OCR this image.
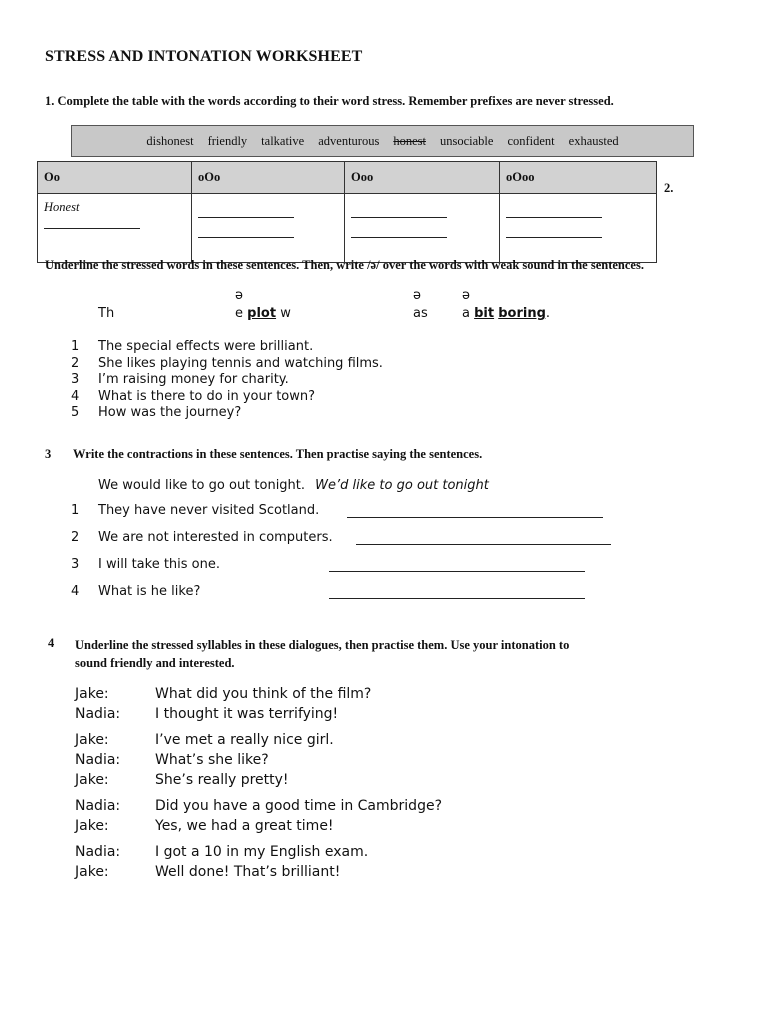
STRESS AND INTONATION WORKSHEET
1. Complete the table with the words according to their word stress. Remember prefixes are never stressed.
dishonest friendly talkative adventurous honest unsociable confident exhausted
Oo	oOo	Ooo	oOoo

Honest			

2.
Underline the stressed words in these sentences. Then, write /ə/ over the words with weak sound in the sentences.
ə	ə	ə
Th	e plot w	as	a bit boring.
1 The special effects were brilliant.
2 She likes playing tennis and watching films.
3 I’m raising money for charity.
4 What is there to do in your town?
5 How was the journey?
3 Write the contractions in these sentences. Then practise saying the sentences.
We would like to go out tonight. We’d like to go out tonight
1 They have never visited Scotland.
2 We are not interested in computers.
3 I will take this one.
4 What is he like?
4 Underline the stressed syllables in these dialogues, then practise them. Use your intonation to
sound friendly and interested.
Jake:	What did you think of the film?
Nadia: I thought it was terrifying!
Jake:	I’ve met a really nice girl.
Nadia: What’s she like?
Jake:	She’s really pretty!
Nadia: Did you have a good time in Cambridge?
Jake:	Yes, we had a great time!
Nadia: I got a 10 in my English exam.
Jake:	Well done! That’s brilliant!
